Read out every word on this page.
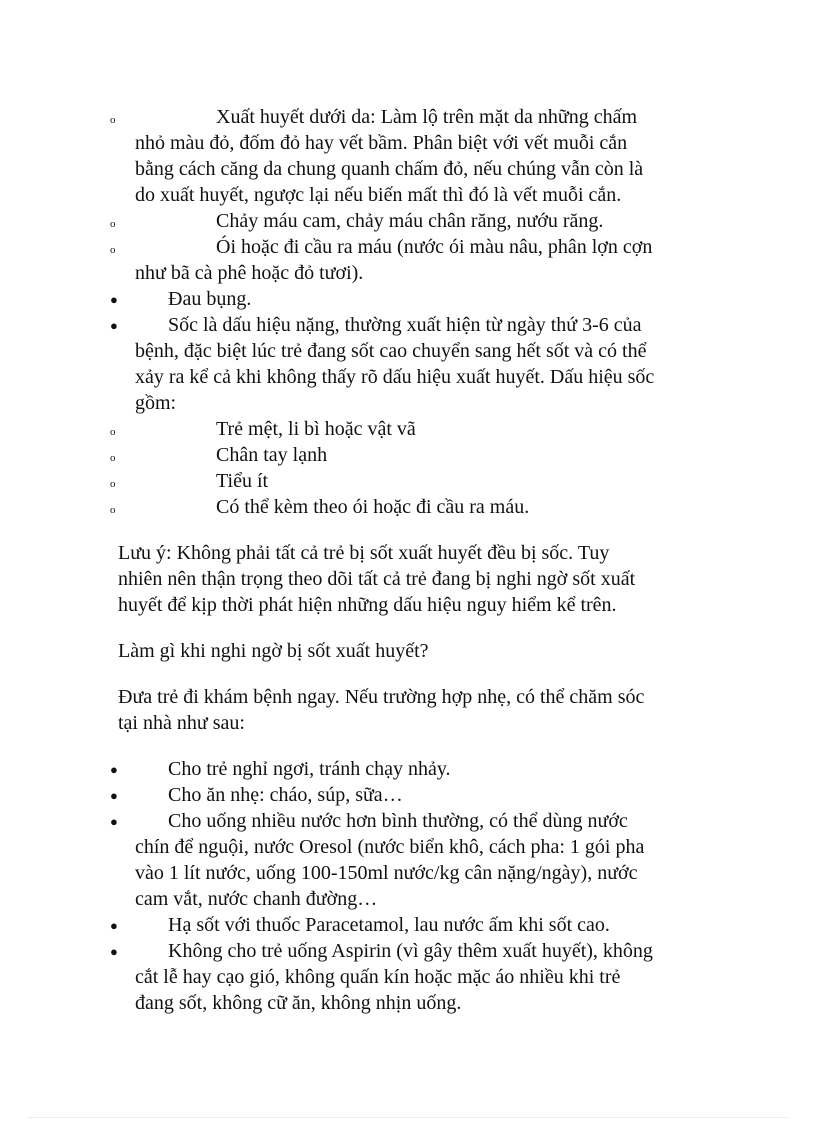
o	Xuất huyết dưới da: Làm lộ trên mặt da những chấm
nhỏ màu đỏ, đốm đỏ hay vết bầm. Phân biệt với vết muỗi cắn
bằng cách căng da chung quanh chấm đỏ, nếu chúng vẫn còn là
do xuất huyết, ngược lại nếu biến mất thì đó là vết muỗi cắn.
o	Chảy máu cam, chảy máu chân răng, nướu răng.
o	Ói hoặc đi cầu ra máu (nước ói màu nâu, phân lợn cợn
như bã cà phê hoặc đỏ tươi).
●	Đau bụng.
●	Sốc là dấu hiệu nặng, thường xuất hiện từ ngày thứ 3-6 của
bệnh, đặc biệt lúc trẻ đang sốt cao chuyển sang hết sốt và có thể
xảy ra kể cả khi không thấy rõ dấu hiệu xuất huyết. Dấu hiệu sốc
gồm:
o	Trẻ mệt, li bì hoặc vật vã
o	Chân tay lạnh
o	Tiểu ít
o	Có thể kèm theo ói hoặc đi cầu ra máu.
Lưu ý: Không phải tất cả trẻ bị sốt xuất huyết đều bị sốc. Tuy
nhiên nên thận trọng theo dõi tất cả trẻ đang bị nghi ngờ sốt xuất
huyết để kịp thời phát hiện những dấu hiệu nguy hiểm kể trên.
Làm gì khi nghi ngờ bị sốt xuất huyết?
Đưa trẻ đi khám bệnh ngay. Nếu trường hợp nhẹ, có thể chăm sóc
tại nhà như sau:
●	Cho trẻ nghỉ ngơi, tránh chạy nhảy.
●	Cho ăn nhẹ: cháo, súp, sữa…
●	Cho uống nhiều nước hơn bình thường, có thể dùng nước
chín để nguội, nước Oresol (nước biển khô, cách pha: 1 gói pha
vào 1 lít nước, uống 100-150ml nước/kg cân nặng/ngày), nước
cam vắt, nước chanh đường…
●	Hạ sốt với thuốc Paracetamol, lau nước ấm khi sốt cao.
●	Không cho trẻ uống Aspirin (vì gây thêm xuất huyết), không
cắt lễ hay cạo gió, không quấn kín hoặc mặc áo nhiều khi trẻ
đang sốt, không cữ ăn, không nhịn uống.
